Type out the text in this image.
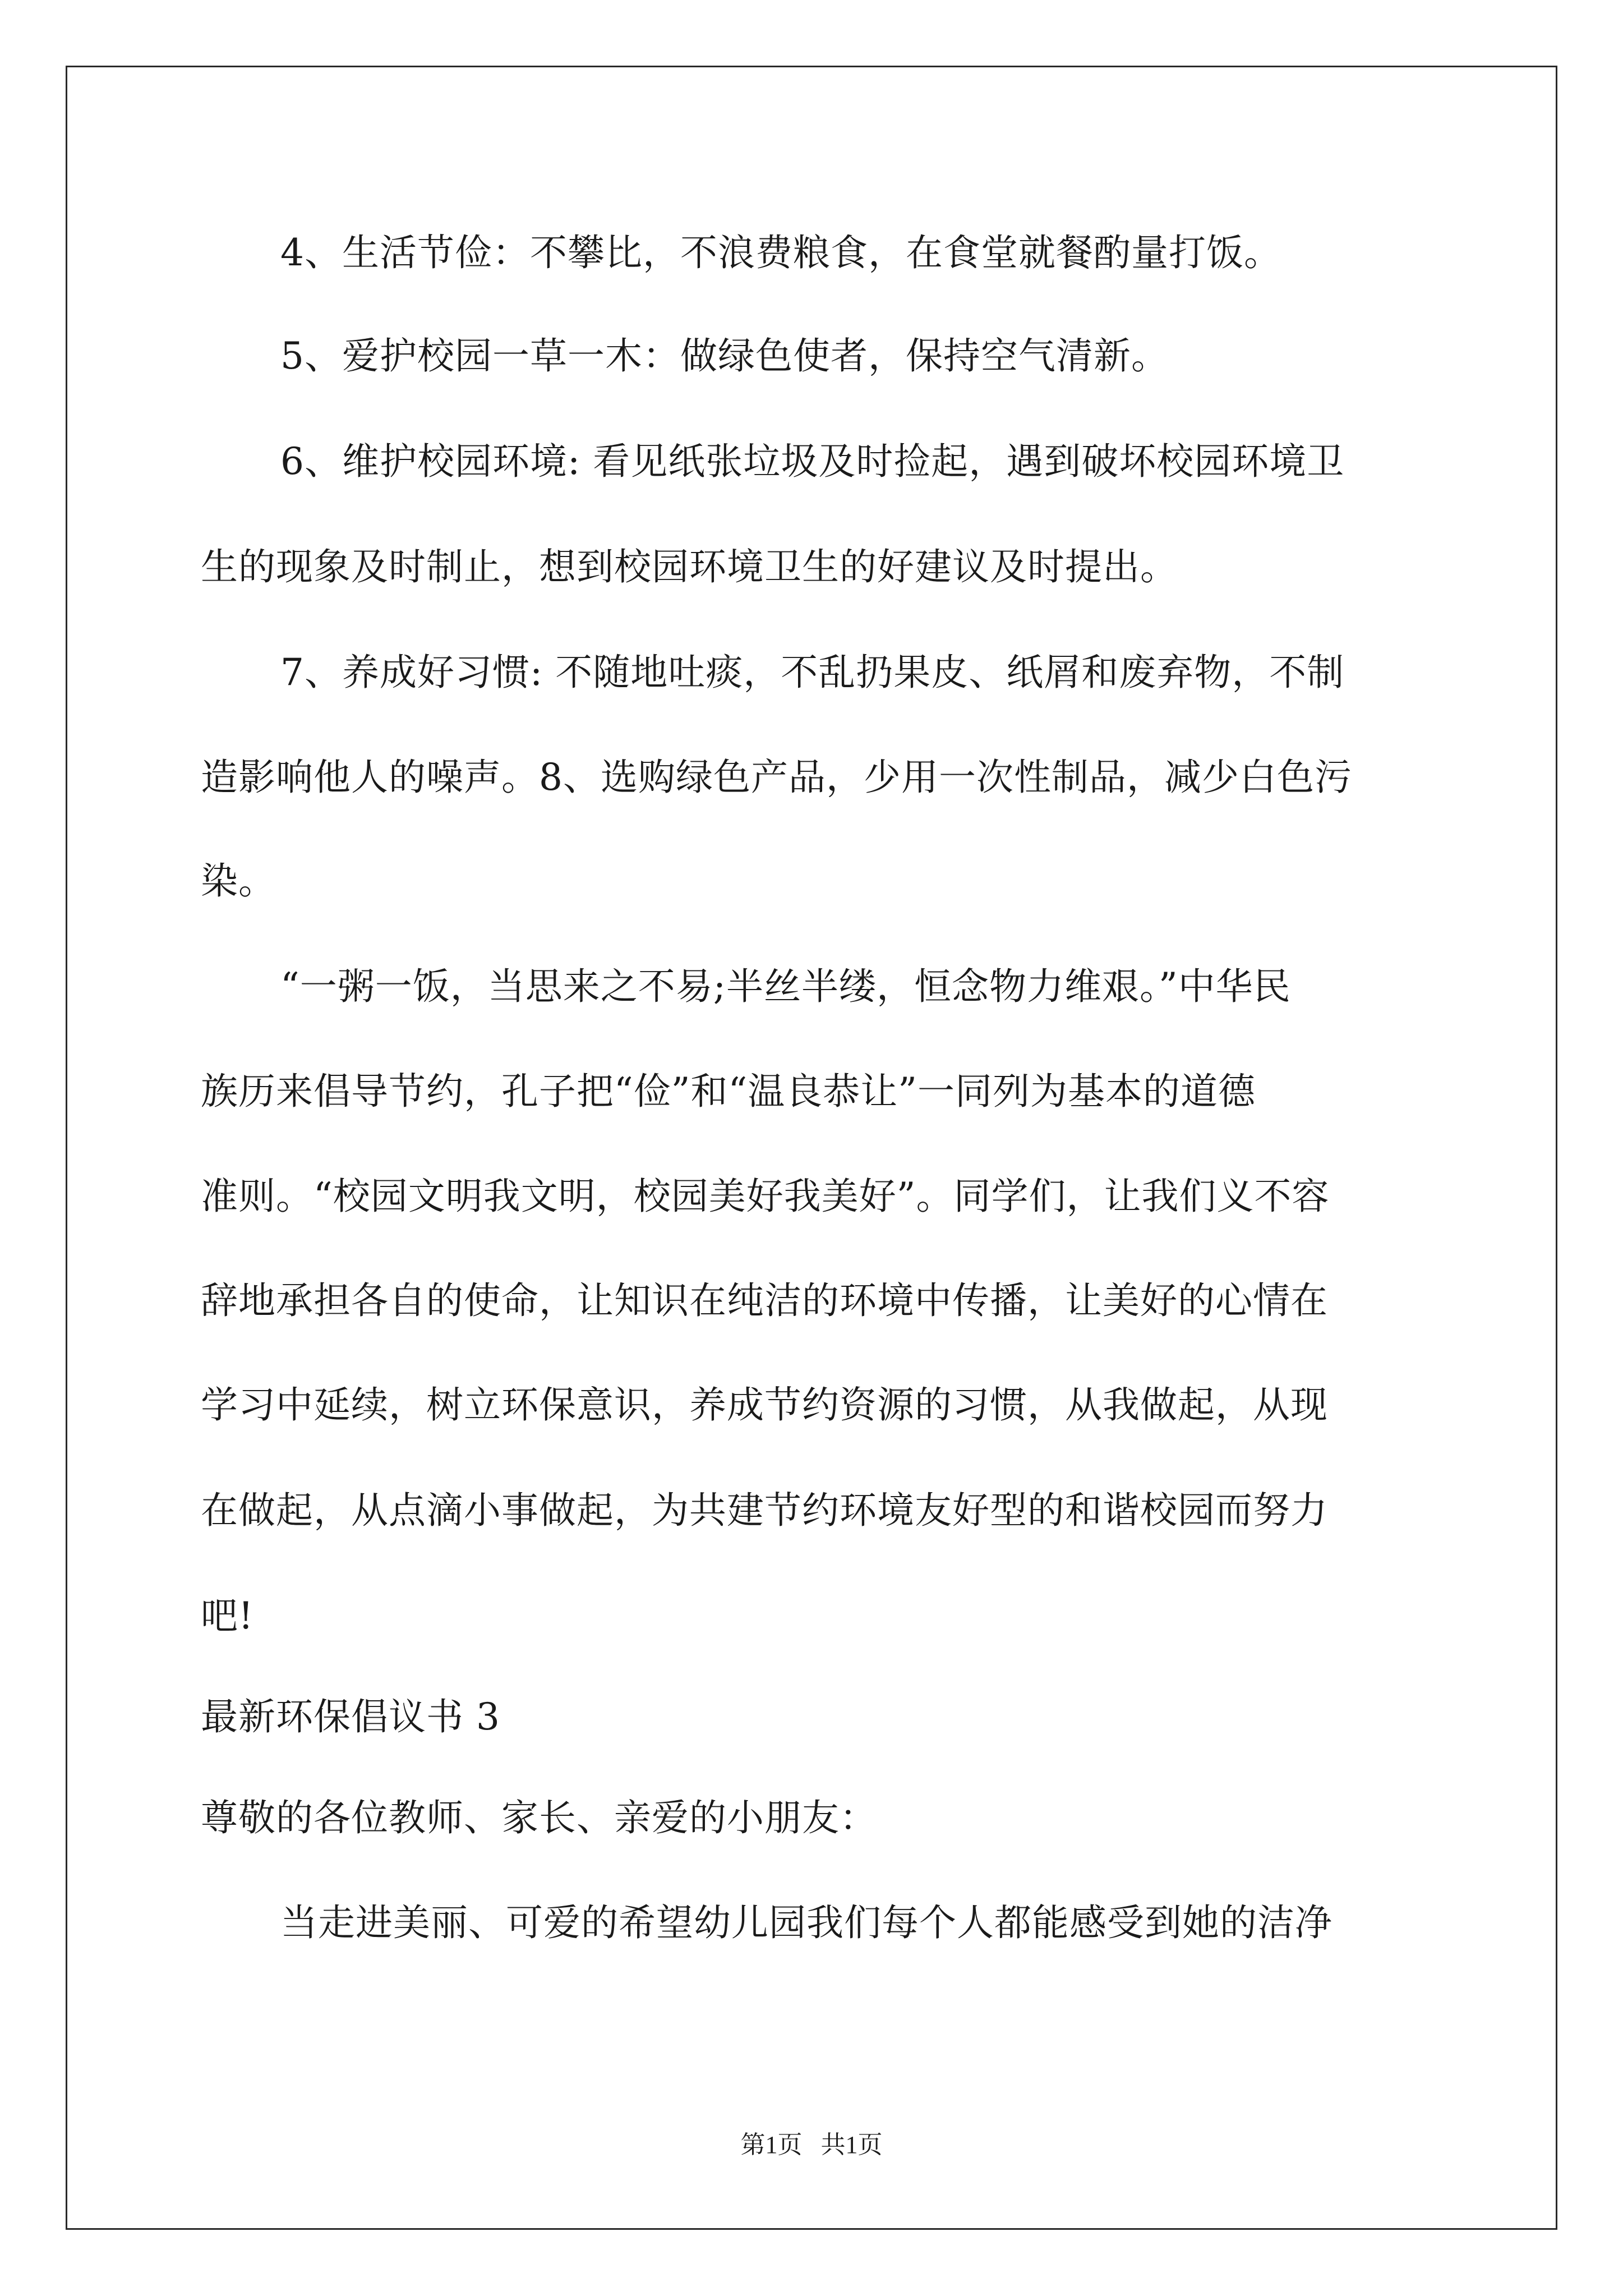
4、生活节俭：不攀比，不浪费粮食，在食堂就餐酌量打饭。

5、爱护校园一草一木：做绿色使者，保持空气清新。

6、维护校园环境: 看见纸张垃圾及时捡起，遇到破坏校园环境卫

生的现象及时制止，想到校园环境卫生的好建议及时提出。

7、养成好习惯: 不随地吐痰，不乱扔果皮、纸屑和废弃物，不制

造影响他人的噪声。8、选购绿色产品，少用一次性制品，减少白色污

染。

“一粥一饭，当思来之不易;半丝半缕，恒念物力维艰。”中华民

族历来倡导节约，孔子把“俭”和“温良恭让”一同列为基本的道德

准则。“校园文明我文明，校园美好我美好”。同学们，让我们义不容

辞地承担各自的使命，让知识在纯洁的环境中传播，让美好的心情在

学习中延续，树立环保意识，养成节约资源的习惯，从我做起，从现

在做起，从点滴小事做起，为共建节约环境友好型的和谐校园而努力

吧!

最新环保倡议书 3

尊敬的各位教师、家长、亲爱的小朋友：

当走进美丽、可爱的希望幼儿园我们每个人都能感受到她的洁净

第1页   共1页
